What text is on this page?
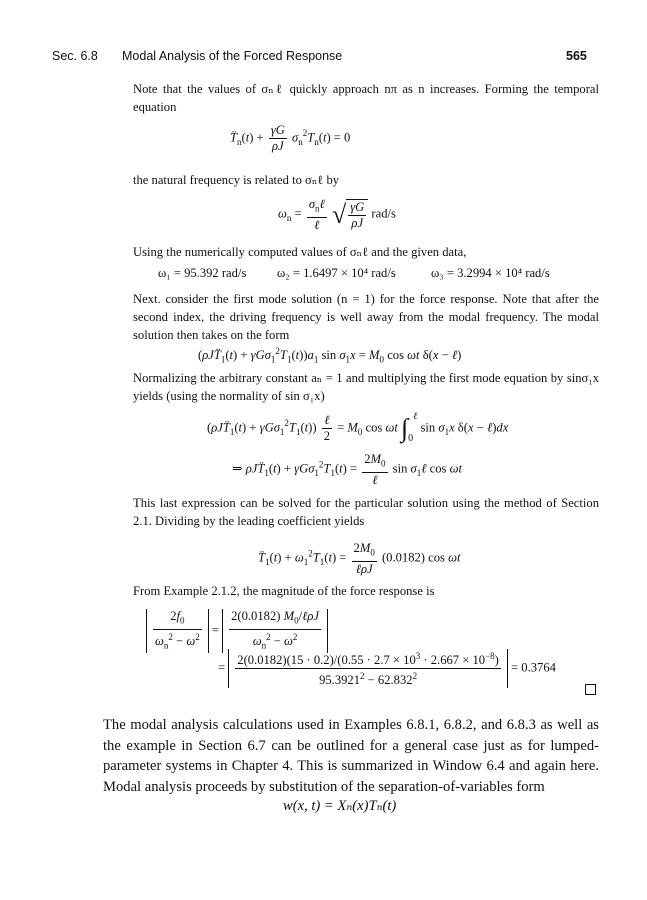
Sec. 6.8 Modal Analysis of the Forced Response	565
Note that the values of σₙℓ quickly approach nπ as n increases. Forming the temporal equation
$T̈_n(t) + \frac{\gamma G}{\rho J} \sigma_n^2T_n(t) = 0$
the natural frequency is related to σₙℓ by
$\omega_n = \frac{\sigma_n\ell}{\text{ℓ}}$ √ $\frac{\gamma G}{\rho J} rad/s$
Using the numerically computed values of σₙℓ and the given data,
ω₁ = 95.392 rad/s ω₂ = 1.6497 × 10⁴ rad/s	ω₃ = 3.2994 × 10⁴ rad/s
Next. consider the first mode solution (n = 1) for the force response. Note that after the second index, the driving frequency is well away from the modal frequency. The modal solution then takes on the form
$(\rho JT̈_1(t) + \gamma G\sigma_1^2T_1(t))a_1$ $\sin \sigma_1x = M_0$ cos ωt δ(x − ℓ)
Normalizing the arbitrary constant aₙ = 1 and multiplying the first mode equation by sinσ₁x yields (using the normality of sin σ₁x)
$(\rho JT̈_1(t) + \gamma G\sigma_1^2T_1(t)) \frac{\text{ℓ}}{2} = M_0$ cos ωt $\int_0^\ell$ $\sin \sigma_1x$ δ(x − ℓ)dx
⇒ $\rho JT̈_1(t) + \gamma G\sigma_1^2T_1(t) = \frac{2M_0}{\text{ℓ}}$ $\sin \sigma_1\ell$ cos ωt
This last expression can be solved for the particular solution using the method of Section 2.1. Dividing by the leading coefficient yields
$T̈_1(t) + \omega_1^2T_1(t) = \frac{2M_0}{\text{ℓρJ}} (0.0182)$ cos ωt
From Example 2.1.2, the magnitude of the force response is
$\frac{2f_0}{\omega_n^2 - \omega^2} = \frac{2(0.0182) M_0/\ell\rho J}{\omega_n^2 - \omega^2}$
= $\frac{2(0.0182)(15 \cdot 0.2)/(0.55 \cdot 2.7 \times 10^3 \cdot 2.667 \times 10^{-8})}{95.3921^2 - 62.832^2} = 0.3764$
The modal analysis calculations used in Examples 6.8.1, 6.8.2, and 6.8.3 as well as the example in Section 6.7 can be outlined for a general case just as for lumped-parameter systems in Chapter 4. This is summarized in Window 6.4 and again here. Modal analysis proceeds by substitution of the separation-of-variables form
w(x, t) = Xₙ(x)Tₙ(t)
